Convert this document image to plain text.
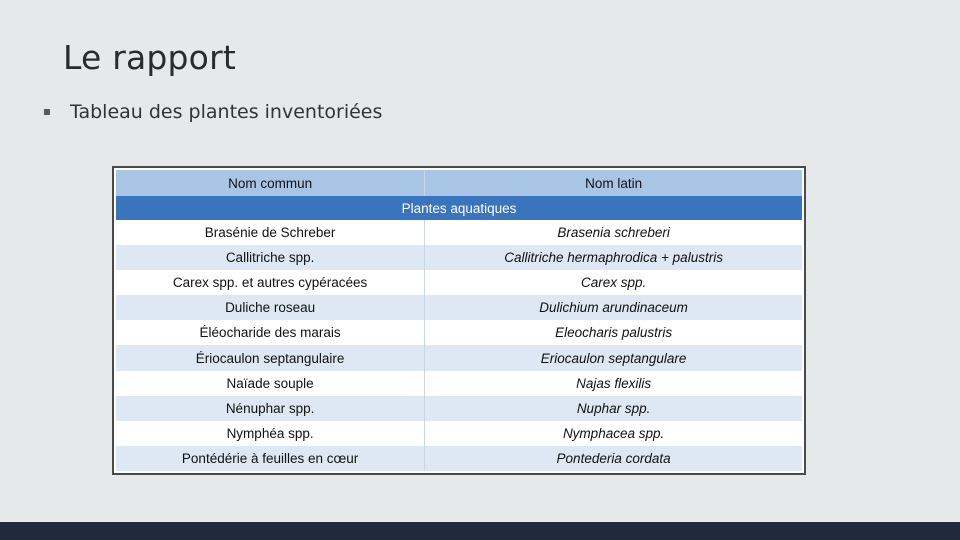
Le rapport
Tableau des plantes inventoriées
Nom commun	Nom latin
Plantes aquatiques	
Brasénie de Schreber	Brasenia schreberi
Callitriche spp.	Callitriche hermaphrodica + palustris
Carex spp. et autres cypéracées	Carex spp.
Duliche roseau	Dulichium arundinaceum
Éléocharide des marais	Eleocharis palustris
Ériocaulon septangulaire	Eriocaulon septangulare
Naïade souple	Najas flexilis
Nénuphar spp.	Nuphar spp.
Nymphéa spp.	Nymphacea spp.
Pontédérie à feuilles en cœur	Pontederia cordata
